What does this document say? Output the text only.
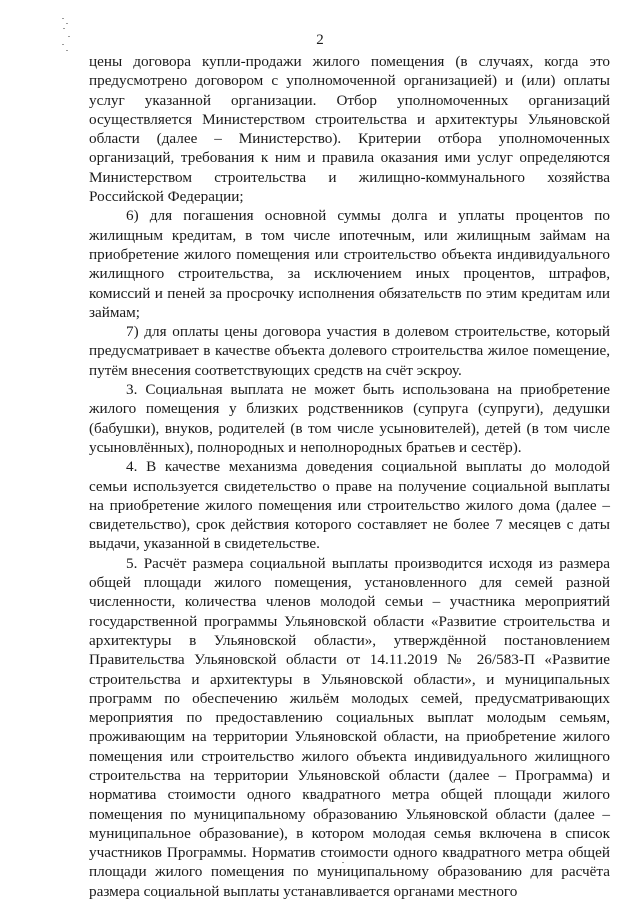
2

цены договора купли-продажи жилого помещения (в случаях, когда это предусмотрено договором с уполномоченной организацией) и (или) оплаты услуг указанной организации. Отбор уполномоченных организаций осуществляется Министерством строительства и архитектуры Ульяновской области (далее – Министерство). Критерии отбора уполномоченных организаций, требования к ним и правила оказания ими услуг определяются Министерством строительства и жилищно-коммунального хозяйства Российской Федерации;

6) для погашения основной суммы долга и уплаты процентов по жилищным кредитам, в том числе ипотечным, или жилищным займам на приобретение жилого помещения или строительство объекта индивидуального жилищного строительства, за исключением иных процентов, штрафов, комиссий и пеней за просрочку исполнения обязательств по этим кредитам или займам;

7) для оплаты цены договора участия в долевом строительстве, который предусматривает в качестве объекта долевого строительства жилое помещение, путём внесения соответствующих средств на счёт эскроу.

3. Социальная выплата не может быть использована на приобретение жилого помещения у близких родственников (супруга (супруги), дедушки (бабушки), внуков, родителей (в том числе усыновителей), детей (в том числе усыновлённых), полнородных и неполнородных братьев и сестёр).

4. В качестве механизма доведения социальной выплаты до молодой семьи используется свидетельство о праве на получение социальной выплаты на приобретение жилого помещения или строительство жилого дома (далее – свидетельство), срок действия которого составляет не более 7 месяцев с даты выдачи, указанной в свидетельстве.

5. Расчёт размера социальной выплаты производится исходя из размера общей площади жилого помещения, установленного для семей разной численности, количества членов молодой семьи – участника мероприятий государственной программы Ульяновской области «Развитие строительства и архитектуры в Ульяновской области», утверждённой постановлением Правительства Ульяновской области от 14.11.2019 № 26/583-П «Развитие строительства и архитектуры в Ульяновской области», и муниципальных программ по обеспечению жильём молодых семей, предусматривающих мероприятия по предоставлению социальных выплат молодым семьям, проживающим на территории Ульяновской области, на приобретение жилого помещения или строительство жилого объекта индивидуального жилищного строительства на территории Ульяновской области (далее – Программа) и норматива стоимости одного квадратного метра общей площади жилого помещения по муниципальному образованию Ульяновской области (далее – муниципальное образование), в котором молодая семья включена в список участников Программы. Норматив стоимости одного квадратного метра общей площади жилого помещения по муниципальному образованию для расчёта размера социальной выплаты устанавливается органами местного
